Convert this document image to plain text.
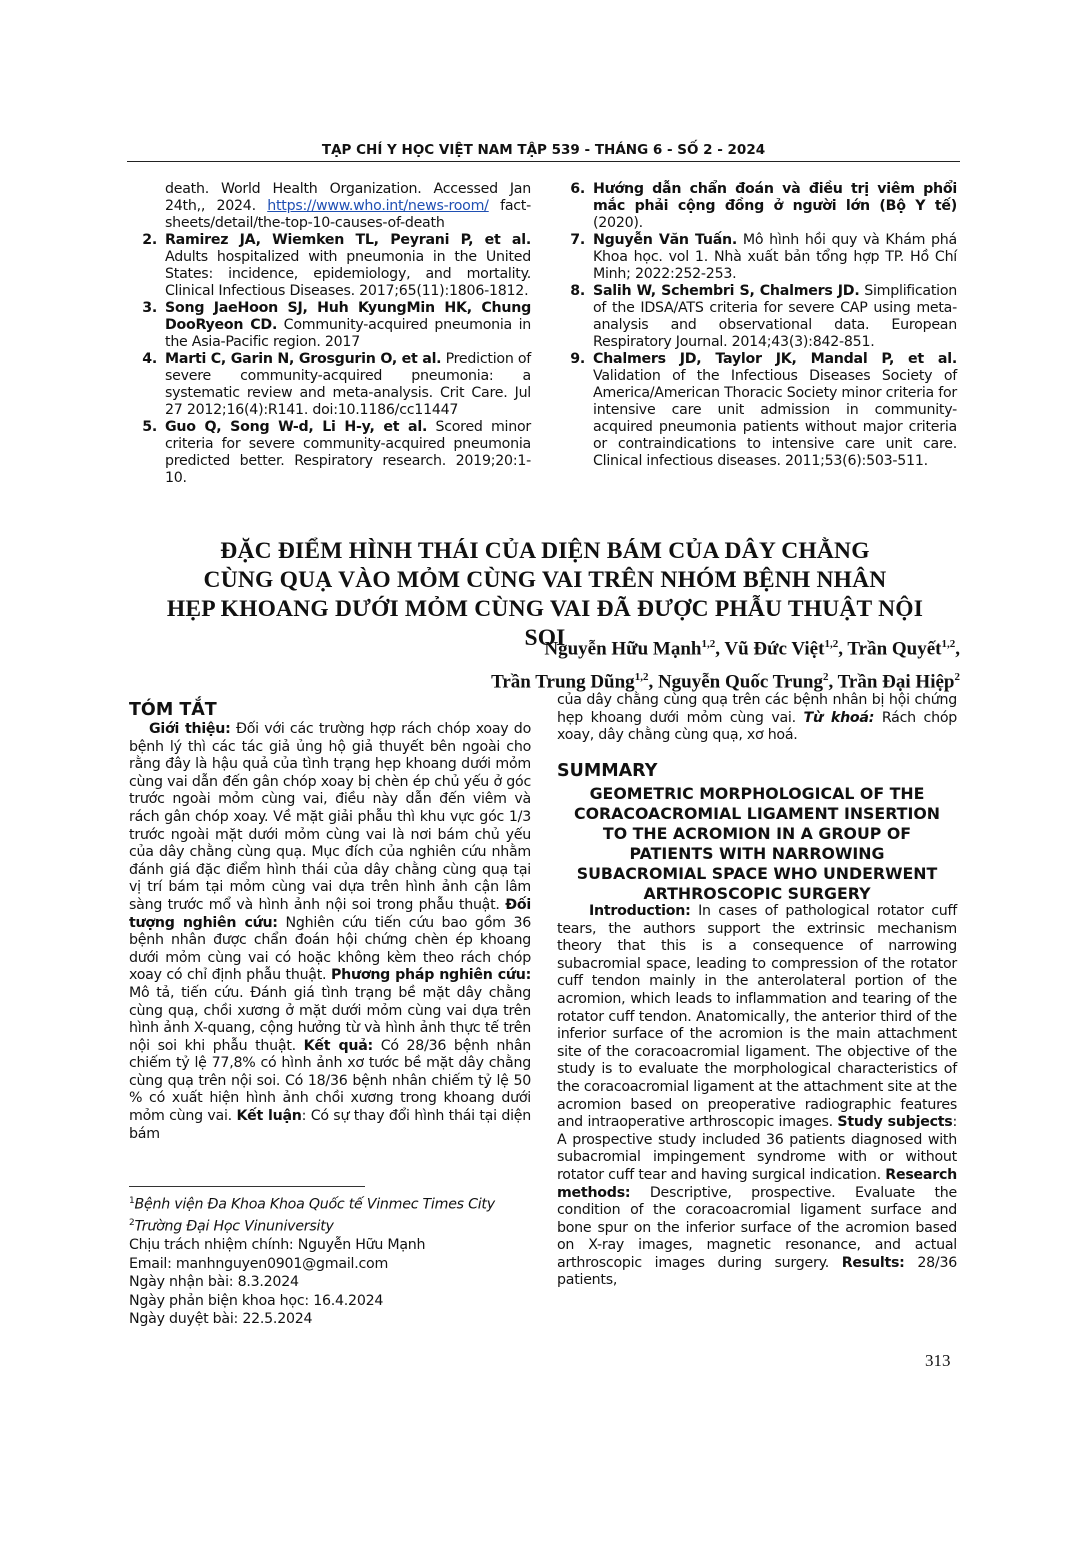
TẠP CHÍ Y HỌC VIỆT NAM TẬP 539 - THÁNG 6 - SỐ 2 - 2024
death. World Health Organization. Accessed Jan 24th,, 2024. https://www.who.int/news-room/ fact-sheets/detail/the-top-10-causes-of-death
2. Ramirez JA, Wiemken TL, Peyrani P, et al. Adults hospitalized with pneumonia in the United States: incidence, epidemiology, and mortality. Clinical Infectious Diseases. 2017;65(11):1806-1812.
3. Song JaeHoon SJ, Huh KyungMin HK, Chung DooRyeon CD. Community-acquired pneumonia in the Asia-Pacific region. 2017
4. Marti C, Garin N, Grosgurin O, et al. Prediction of severe community-acquired pneumonia: a systematic review and meta-analysis. Crit Care. Jul 27 2012;16(4):R141. doi:10.1186/cc11447
5. Guo Q, Song W-d, Li H-y, et al. Scored minor criteria for severe community-acquired pneumonia predicted better. Respiratory research. 2019;20:1-10.
6. Hướng dẫn chẩn đoán và điều trị viêm phổi mắc phải cộng đồng ở người lớn (Bộ Y tế) (2020).
7. Nguyễn Văn Tuấn. Mô hình hồi quy và Khám phá Khoa học. vol 1. Nhà xuất bản tổng hợp TP. Hồ Chí Minh; 2022:252-253.
8. Salih W, Schembri S, Chalmers JD. Simplification of the IDSA/ATS criteria for severe CAP using meta-analysis and observational data. European Respiratory Journal. 2014;43(3):842-851.
9. Chalmers JD, Taylor JK, Mandal P, et al. Validation of the Infectious Diseases Society of America/American Thoracic Society minor criteria for intensive care unit admission in community-acquired pneumonia patients without major criteria or contraindications to intensive care unit care. Clinical infectious diseases. 2011;53(6):503-511.
ĐẶC ĐIỂM HÌNH THÁI CỦA DIỆN BÁM CỦA DÂY CHẰNG
CÙNG QUẠ VÀO MỎM CÙNG VAI TRÊN NHÓM BỆNH NHÂN
HẸP KHOANG DƯỚI MỎM CÙNG VAI ĐÃ ĐƯỢC PHẪU THUẬT NỘI SOI
Nguyễn Hữu Mạnh$^{1,2}$, Vũ Đức Việt$^{1,2}$, Trần Quyết$^{1,2}$,
Trần Trung Dũng$^{1,2}$, Nguyễn Quốc Trung$^2$, Trần Đại Hiệp$^2$
TÓM TẮT
Giới thiệu: Đối với các trường hợp rách chóp xoay do bệnh lý thì các tác giả ủng hộ giả thuyết bên ngoài cho rằng đây là hậu quả của tình trạng hẹp khoang dưới mỏm cùng vai dẫn đến gân chóp xoay bị chèn ép chủ yếu ở góc trước ngoài mỏm cùng vai, điều này dẫn đến viêm và rách gân chóp xoay. Về mặt giải phẫu thì khu vực góc 1/3 trước ngoài mặt dưới mỏm cùng vai là nơi bám chủ yếu của dây chằng cùng quạ. Mục đích của nghiên cứu nhằm đánh giá đặc điểm hình thái của dây chằng cùng quạ tại vị trí bám tại mỏm cùng vai dựa trên hình ảnh cận lâm sàng trước mổ và hình ảnh nội soi trong phẫu thuật. Đối tượng nghiên cứu: Nghiên cứu tiến cứu bao gồm 36 bệnh nhân được chẩn đoán hội chứng chèn ép khoang dưới mỏm cùng vai có hoặc không kèm theo rách chóp xoay có chỉ định phẫu thuật. Phương pháp nghiên cứu: Mô tả, tiến cứu. Đánh giá tình trạng bề mặt dây chằng cùng quạ, chồi xương ở mặt dưới mỏm cùng vai dựa trên hình ảnh X-quang, cộng hưởng từ và hình ảnh thực tế trên nội soi khi phẫu thuật. Kết quả: Có 28/36 bệnh nhân chiếm tỷ lệ 77,8% có hình ảnh xơ tước bề mặt dây chằng cùng quạ trên nội soi. Có 18/36 bệnh nhân chiếm tỷ lệ 50 % có xuất hiện hình ảnh chồi xương trong khoang dưới mỏm cùng vai. Kết luận: Có sự thay đổi hình thái tại diện bám
$^1$Bệnh viện Đa Khoa Khoa Quốc tế Vinmec Times City
$^2$Trường Đại Học Vinuniversity
Chịu trách nhiệm chính: Nguyễn Hữu Mạnh
Email: manhnguyen0901@gmail.com
Ngày nhận bài: 8.3.2024
Ngày phản biện khoa học: 16.4.2024
Ngày duyệt bài: 22.5.2024
của dây chằng cùng quạ trên các bệnh nhân bị hội chứng hẹp khoang dưới mỏm cùng vai. Từ khoá: Rách chóp xoay, dây chằng cùng quạ, xơ hoá.
SUMMARY
GEOMETRIC MORPHOLOGICAL OF THE
CORACOACROMIAL LIGAMENT INSERTION
TO THE ACROMION IN A GROUP OF
PATIENTS WITH NARROWING
SUBACROMIAL SPACE WHO UNDERWENT
ARTHROSCOPIC SURGERY
Introduction: In cases of pathological rotator cuff tears, the authors support the extrinsic mechanism theory that this is a consequence of narrowing subacromial space, leading to compression of the rotator cuff tendon mainly in the anterolateral portion of the acromion, which leads to inflammation and tearing of the rotator cuff tendon. Anatomically, the anterior third of the inferior surface of the acromion is the main attachment site of the coracoacromial ligament. The objective of the study is to evaluate the morphological characteristics of the coracoacromial ligament at the attachment site at the acromion based on preoperative radiographic features and intraoperative arthroscopic images. Study subjects: A prospective study included 36 patients diagnosed with subacromial impingement syndrome with or without rotator cuff tear and having surgical indication. Research methods: Descriptive, prospective. Evaluate the condition of the coracoacromial ligament surface and bone spur on the inferior surface of the acromion based on X-ray images, magnetic resonance, and actual arthroscopic images during surgery. Results: 28/36 patients,
313
